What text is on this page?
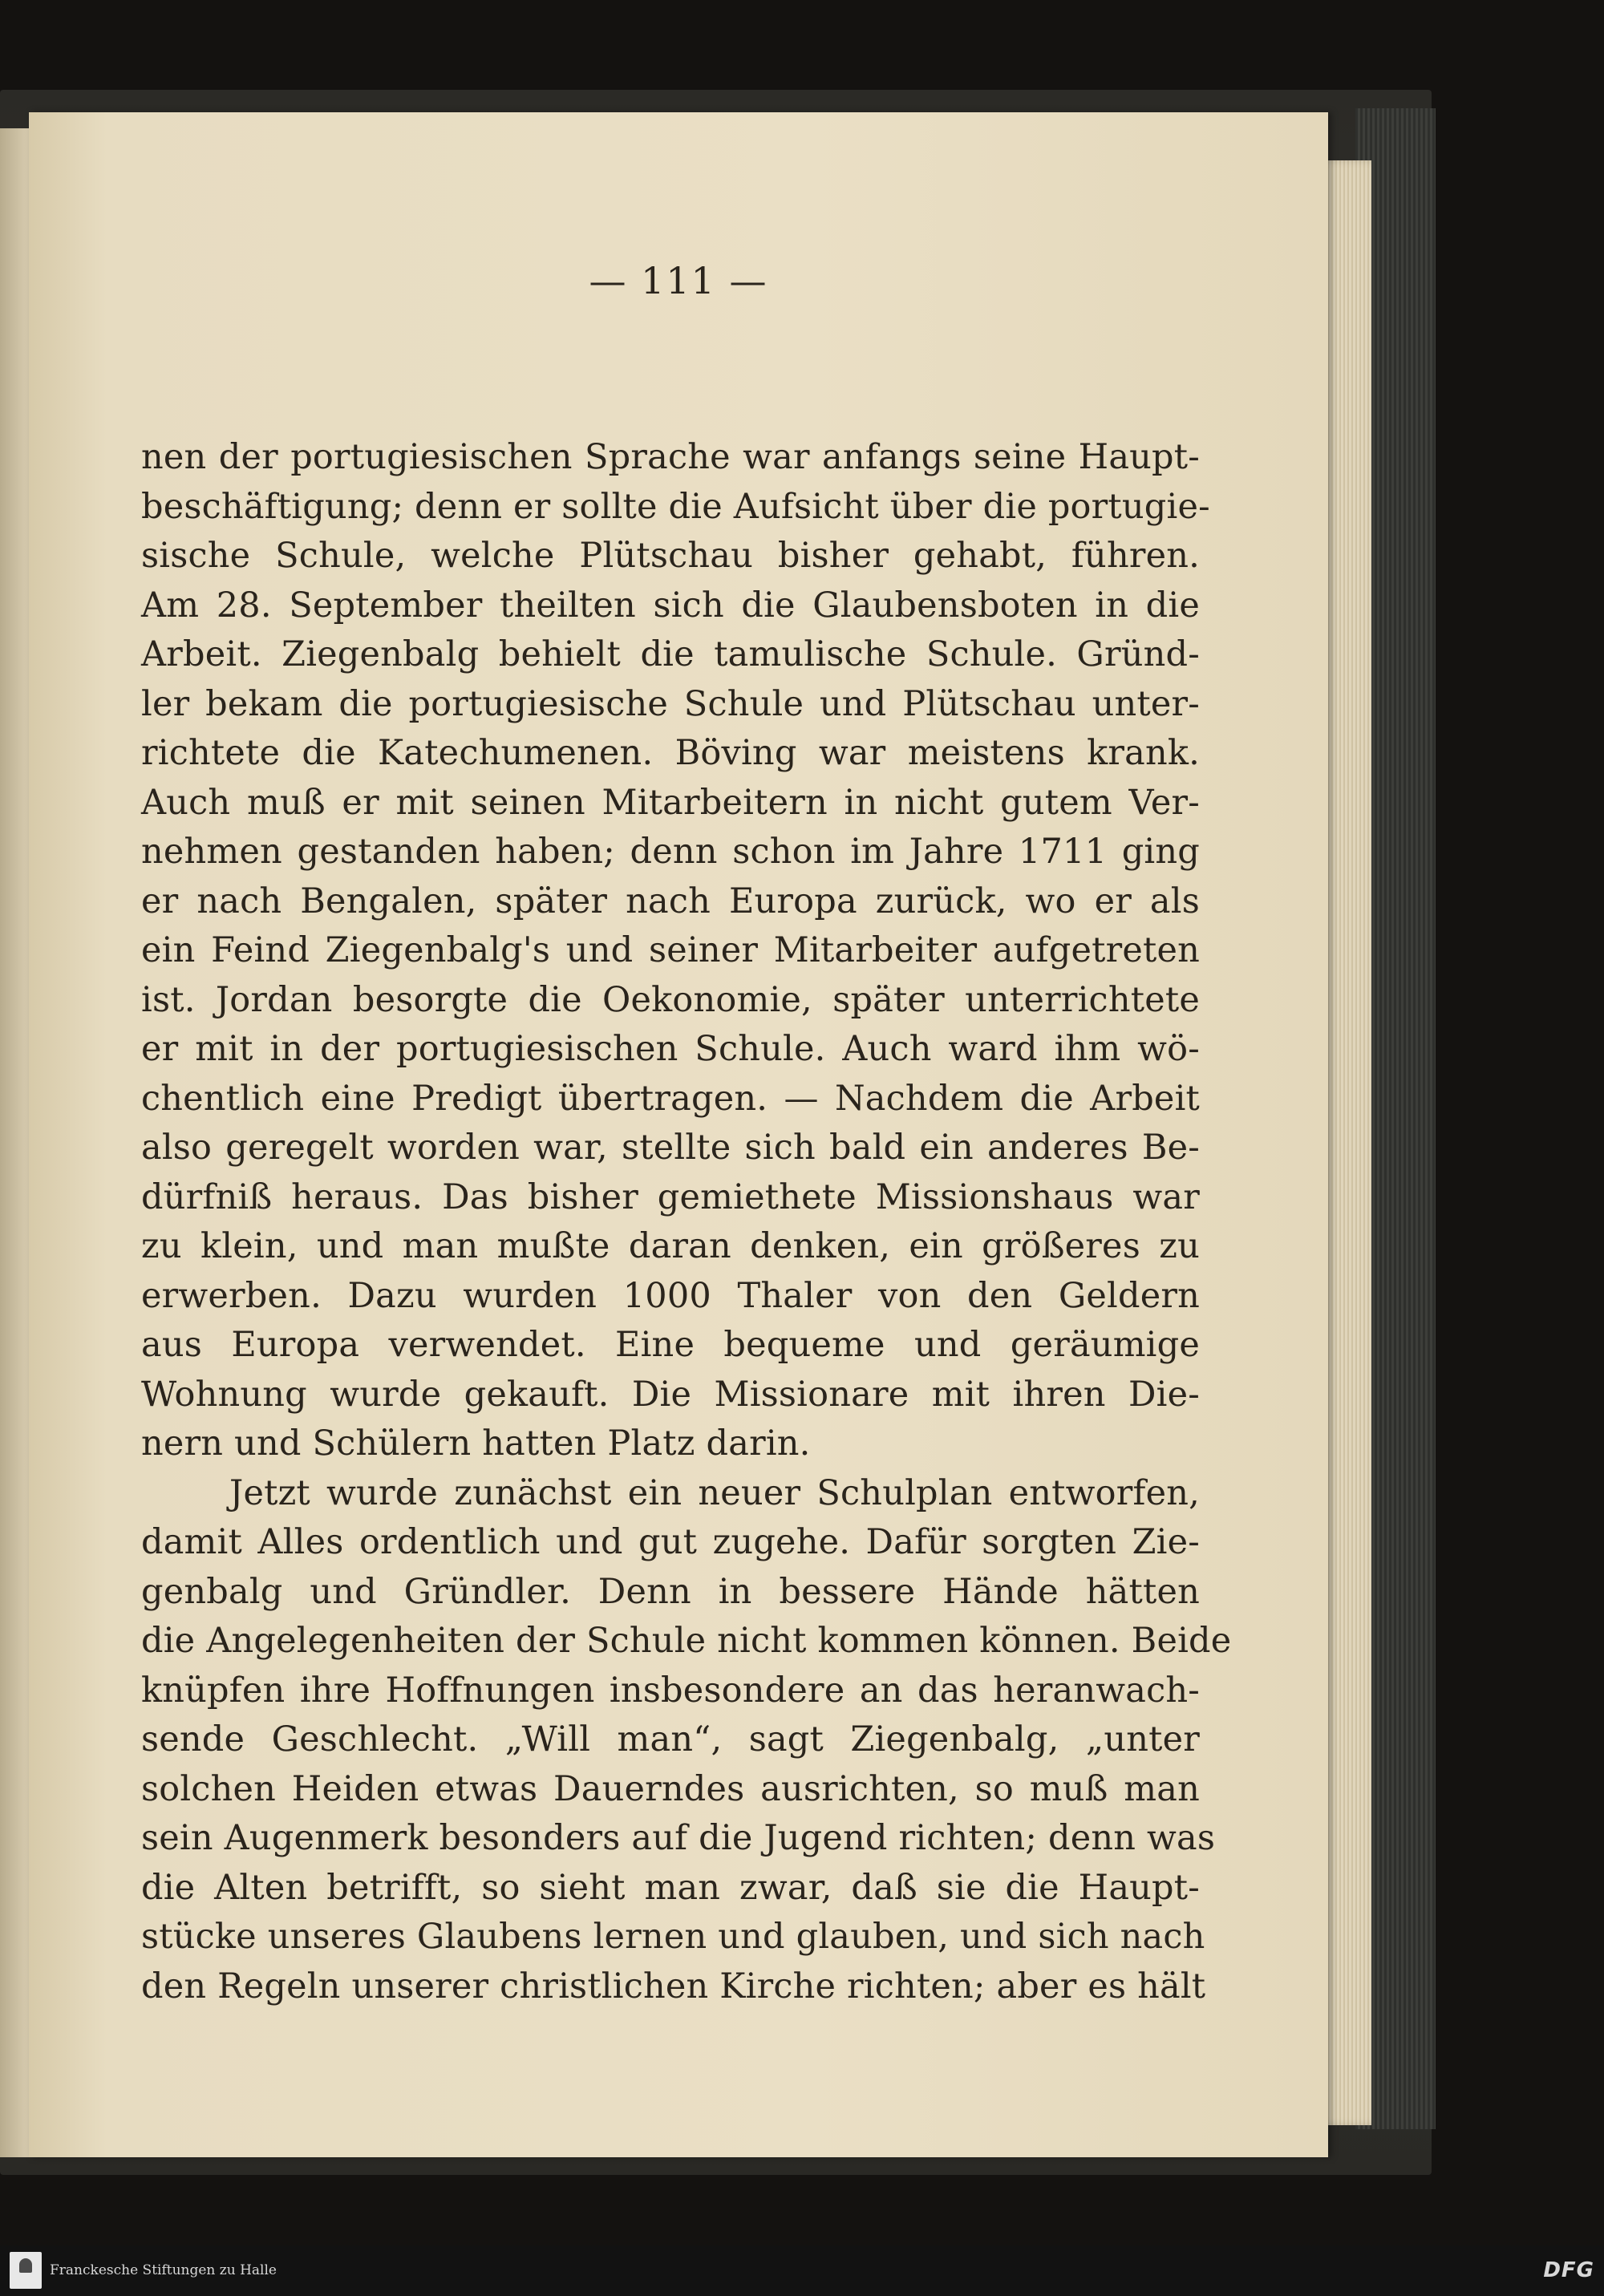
— 111 —
nen der portugiesischen Sprache war anfangs seine Haupt-
beschäftigung; denn er sollte die Aufsicht über die portugie-
sische Schule, welche Plütschau bisher gehabt, führen.
Am 28. September theilten sich die Glaubensboten in die
Arbeit. Ziegenbalg behielt die tamulische Schule. Gründ-
ler bekam die portugiesische Schule und Plütschau unter-
richtete die Katechumenen. Böving war meistens krank.
Auch muß er mit seinen Mitarbeitern in nicht gutem Ver-
nehmen gestanden haben; denn schon im Jahre 1711 ging
er nach Bengalen, später nach Europa zurück, wo er als
ein Feind Ziegenbalg's und seiner Mitarbeiter aufgetreten
ist. Jordan besorgte die Oekonomie, später unterrichtete
er mit in der portugiesischen Schule. Auch ward ihm wö-
chentlich eine Predigt übertragen. — Nachdem die Arbeit
also geregelt worden war, stellte sich bald ein anderes Be-
dürfniß heraus. Das bisher gemiethete Missionshaus war
zu klein, und man mußte daran denken, ein größeres zu
erwerben. Dazu wurden 1000 Thaler von den Geldern
aus Europa verwendet. Eine bequeme und geräumige
Wohnung wurde gekauft. Die Missionare mit ihren Die-
nern und Schülern hatten Platz darin.
Jetzt wurde zunächst ein neuer Schulplan entworfen,
damit Alles ordentlich und gut zugehe. Dafür sorgten Zie-
genbalg und Gründler. Denn in bessere Hände hätten
die Angelegenheiten der Schule nicht kommen können. Beide
knüpfen ihre Hoffnungen insbesondere an das heranwach-
sende Geschlecht. „Will man“, sagt Ziegenbalg, „unter
solchen Heiden etwas Dauerndes ausrichten, so muß man
sein Augenmerk besonders auf die Jugend richten; denn was
die Alten betrifft, so sieht man zwar, daß sie die Haupt-
stücke unseres Glaubens lernen und glauben, und sich nach
den Regeln unserer christlichen Kirche richten; aber es hält
Franckesche Stiftungen zu Halle	DFG
